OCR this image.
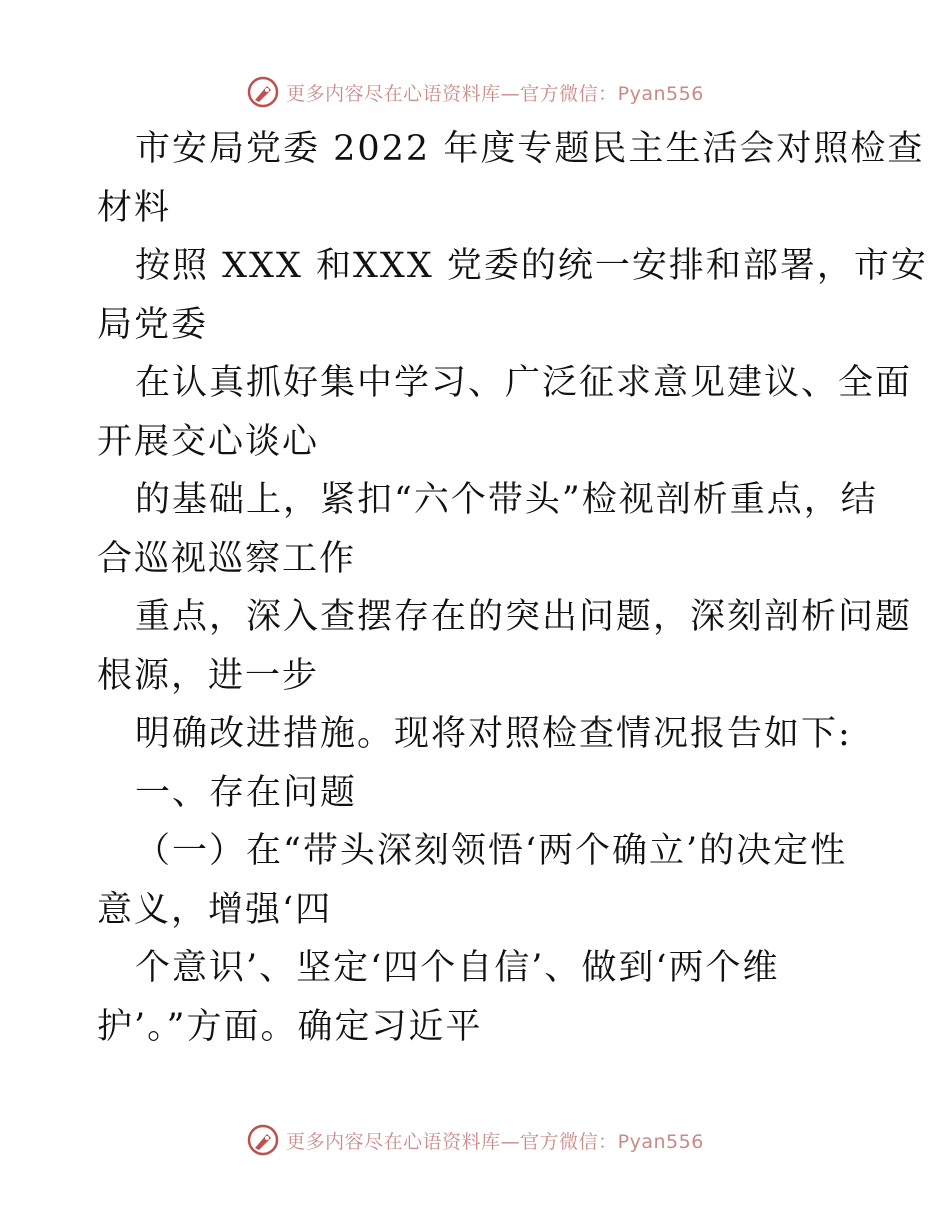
更多内容尽在心语资料库—官方微信：Pyan556
市安局党委 2022 年度专题民主生活会对照检查
材料
按照 XXX 和XXX 党委的统一安排和部署，市安
局党委
在认真抓好集中学习、广泛征求意见建议、全面
开展交心谈心
的基础上，紧扣“六个带头”检视剖析重点，结
合巡视巡察工作
重点，深入查摆存在的突出问题，深刻剖析问题
根源，进一步
明确改进措施。现将对照检查情况报告如下:
一、存在问题
（一）在“带头深刻领悟‘两个确立’的决定性
意义，增强‘四
个意识’、坚定‘四个自信’、做到‘两个维
护’。”方面。确定习近平
更多内容尽在心语资料库—官方微信：Pyan556
